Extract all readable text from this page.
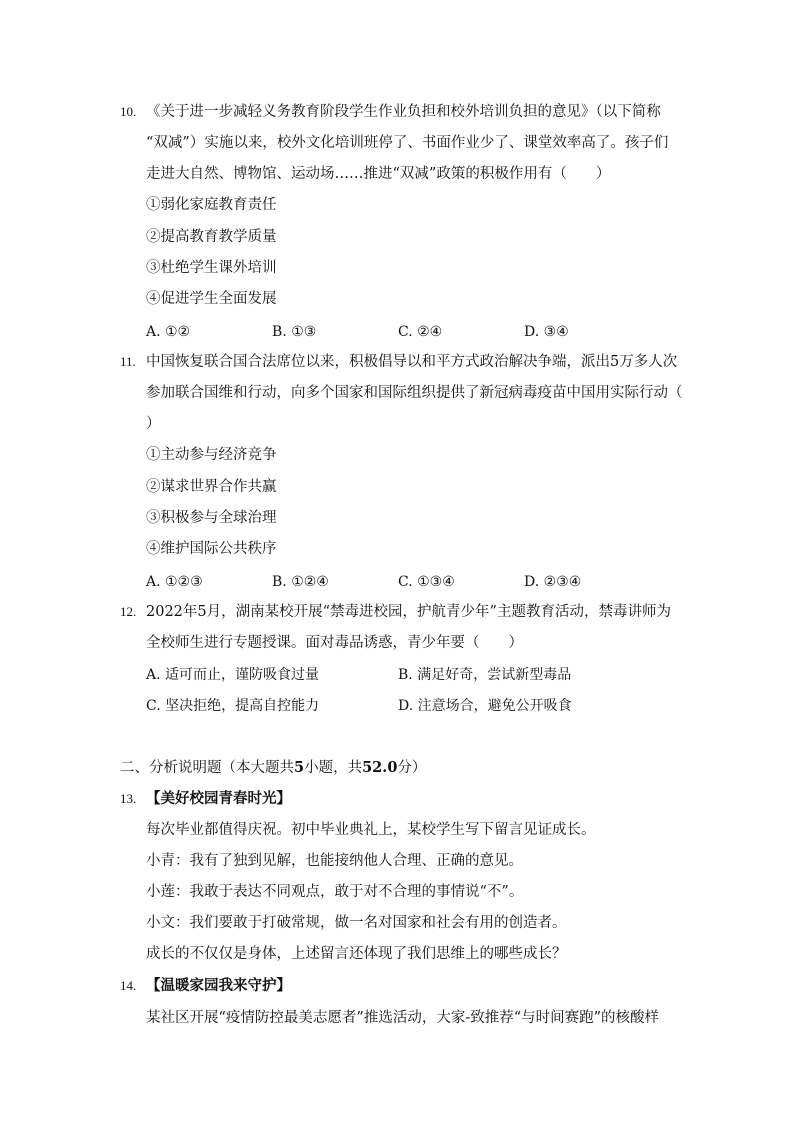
10. 《关于进一步减轻义务教育阶段学生作业负担和校外培训负担的意见》（以下简称
“双减”）实施以来，校外文化培训班停了、书面作业少了、课堂效率高了。孩子们
走进大自然、博物馆、运动场……推进“双减”政策的积极作用有（　　）
①弱化家庭教育责任
②提高教育教学质量
③杜绝学生课外培训
④促进学生全面发展
A. ①②	B. ①③	C. ②④	D. ③④
11. 中国恢复联合国合法席位以来，积极倡导以和平方式政治解决争端，派出5万多人次
参加联合国维和行动，向多个国家和国际组织提供了新冠病毒疫苗中国用实际行动（
）
①主动参与经济竞争
②谋求世界合作共赢
③积极参与全球治理
④维护国际公共秩序
A. ①②③	B. ①②④	C. ①③④	D. ②③④
12. 2022年5月，湖南某校开展“禁毒进校园，护航青少年”主题教育活动，禁毒讲师为
全校师生进行专题授课。面对毒品诱惑，青少年要（　　）
A. 适可而止，谨防吸食过量	B. 满足好奇，尝试新型毒品
C. 坚决拒绝，提高自控能力	D. 注意场合，避免公开吸食
二、分析说明题（本大题共5小题，共52.0分）
13. 【美好校园青春时光】
每次毕业都值得庆祝。初中毕业典礼上，某校学生写下留言见证成长。
小青：我有了独到见解，也能接纳他人合理、正确的意见。
小莲：我敢于表达不同观点，敢于对不合理的事情说“不”。
小文：我们要敢于打破常规，做一名对国家和社会有用的创造者。
成长的不仅仅是身体，上述留言还体现了我们思维上的哪些成长？
14. 【温暖家园我来守护】
某社区开展“疫情防控最美志愿者”推选活动，大家-致推荐“与时间赛跑”的核酸样
